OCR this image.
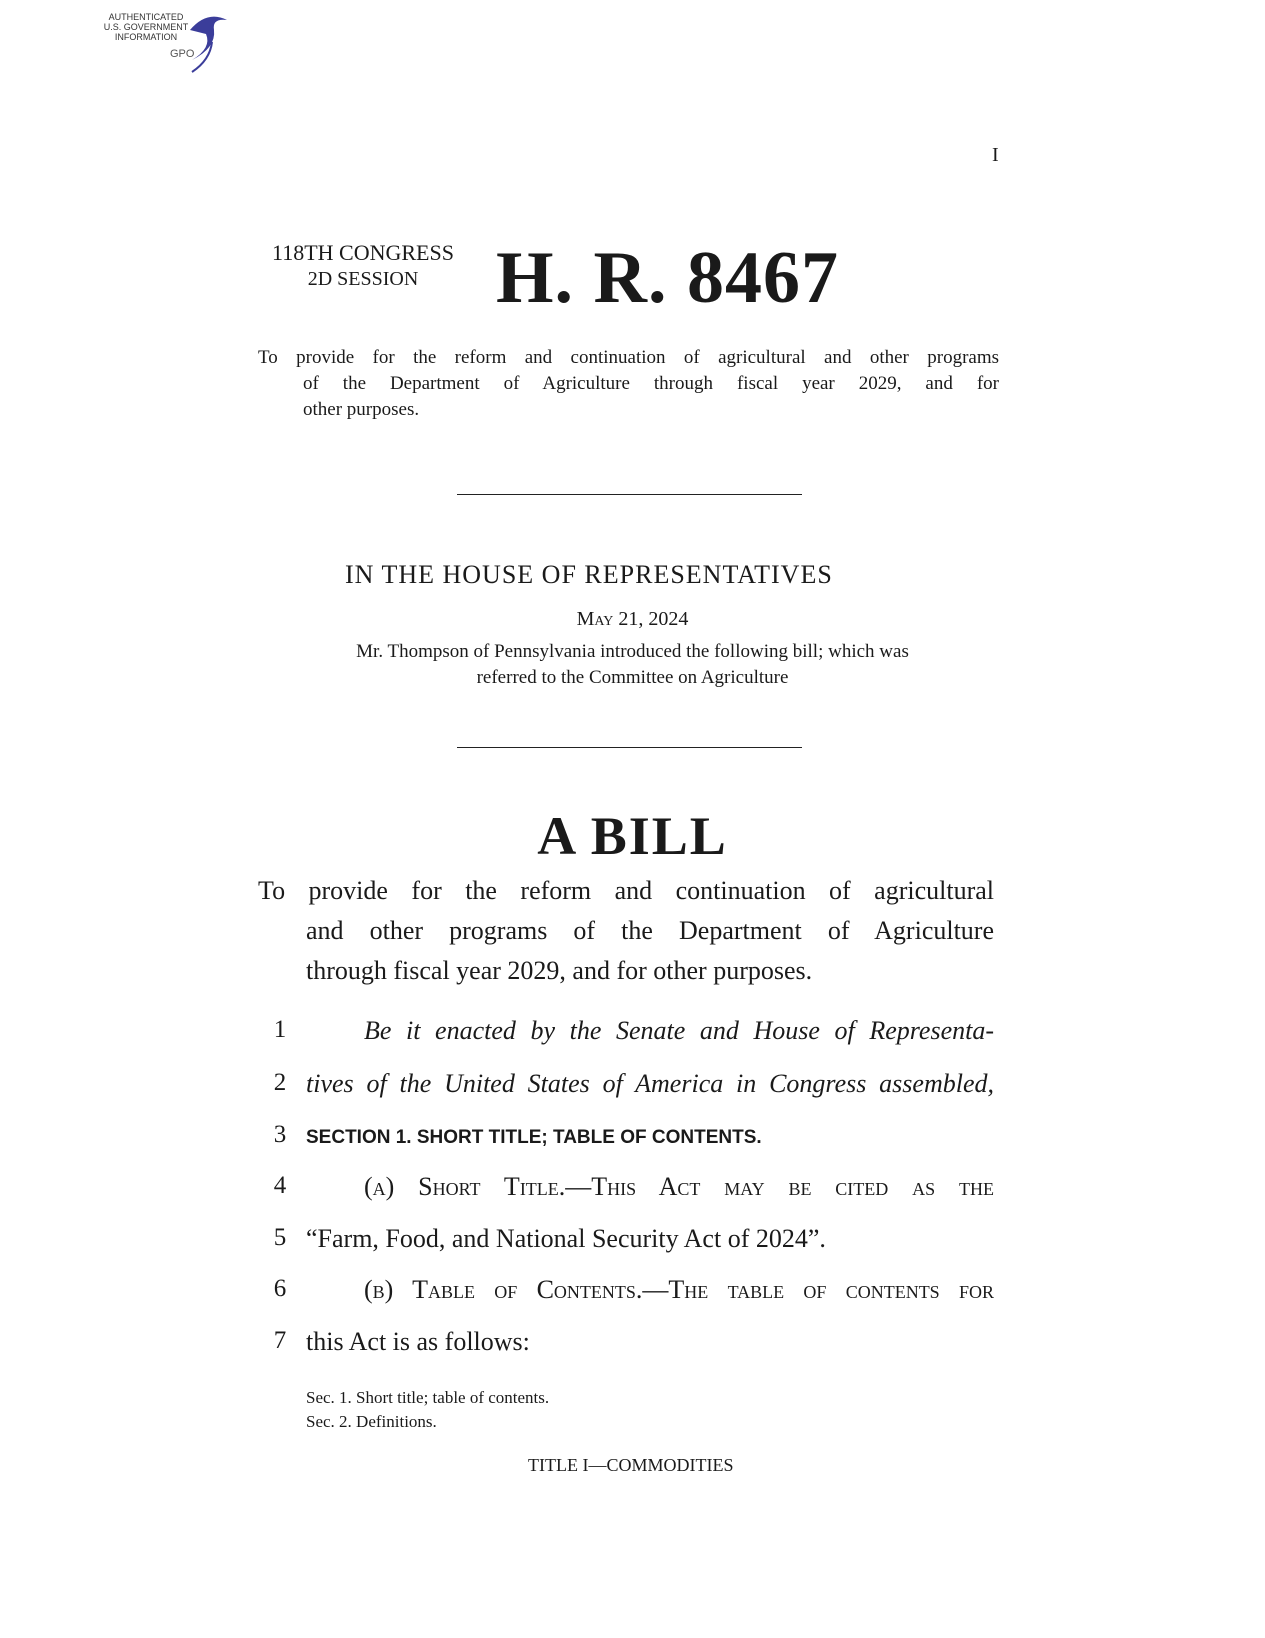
AUTHENTICATED
U.S. GOVERNMENT
INFORMATION
GPO
I
118TH CONGRESS
2D SESSION	H. R. 8467
To provide for the reform and continuation of agricultural and other programs
of the Department of Agriculture through fiscal year 2029, and for
other purposes.
IN THE HOUSE OF REPRESENTATIVES
May 21, 2024
Mr. Thompson of Pennsylvania introduced the following bill; which was
referred to the Committee on Agriculture
A BILL
To provide for the reform and continuation of agricultural
and other programs of the Department of Agriculture
through fiscal year 2029, and for other purposes.
1	Be it enacted by the Senate and House of Representa-
2 tives of the United States of America in Congress assembled,
3 SECTION 1. SHORT TITLE; TABLE OF CONTENTS.
4	(a) Short Title.—This Act may be cited as the
5 “Farm, Food, and National Security Act of 2024”.
6	(b) Table of Contents.—The table of contents for
7 this Act is as follows:
Sec. 1. Short title; table of contents.
Sec. 2. Definitions.
TITLE I—COMMODITIES
